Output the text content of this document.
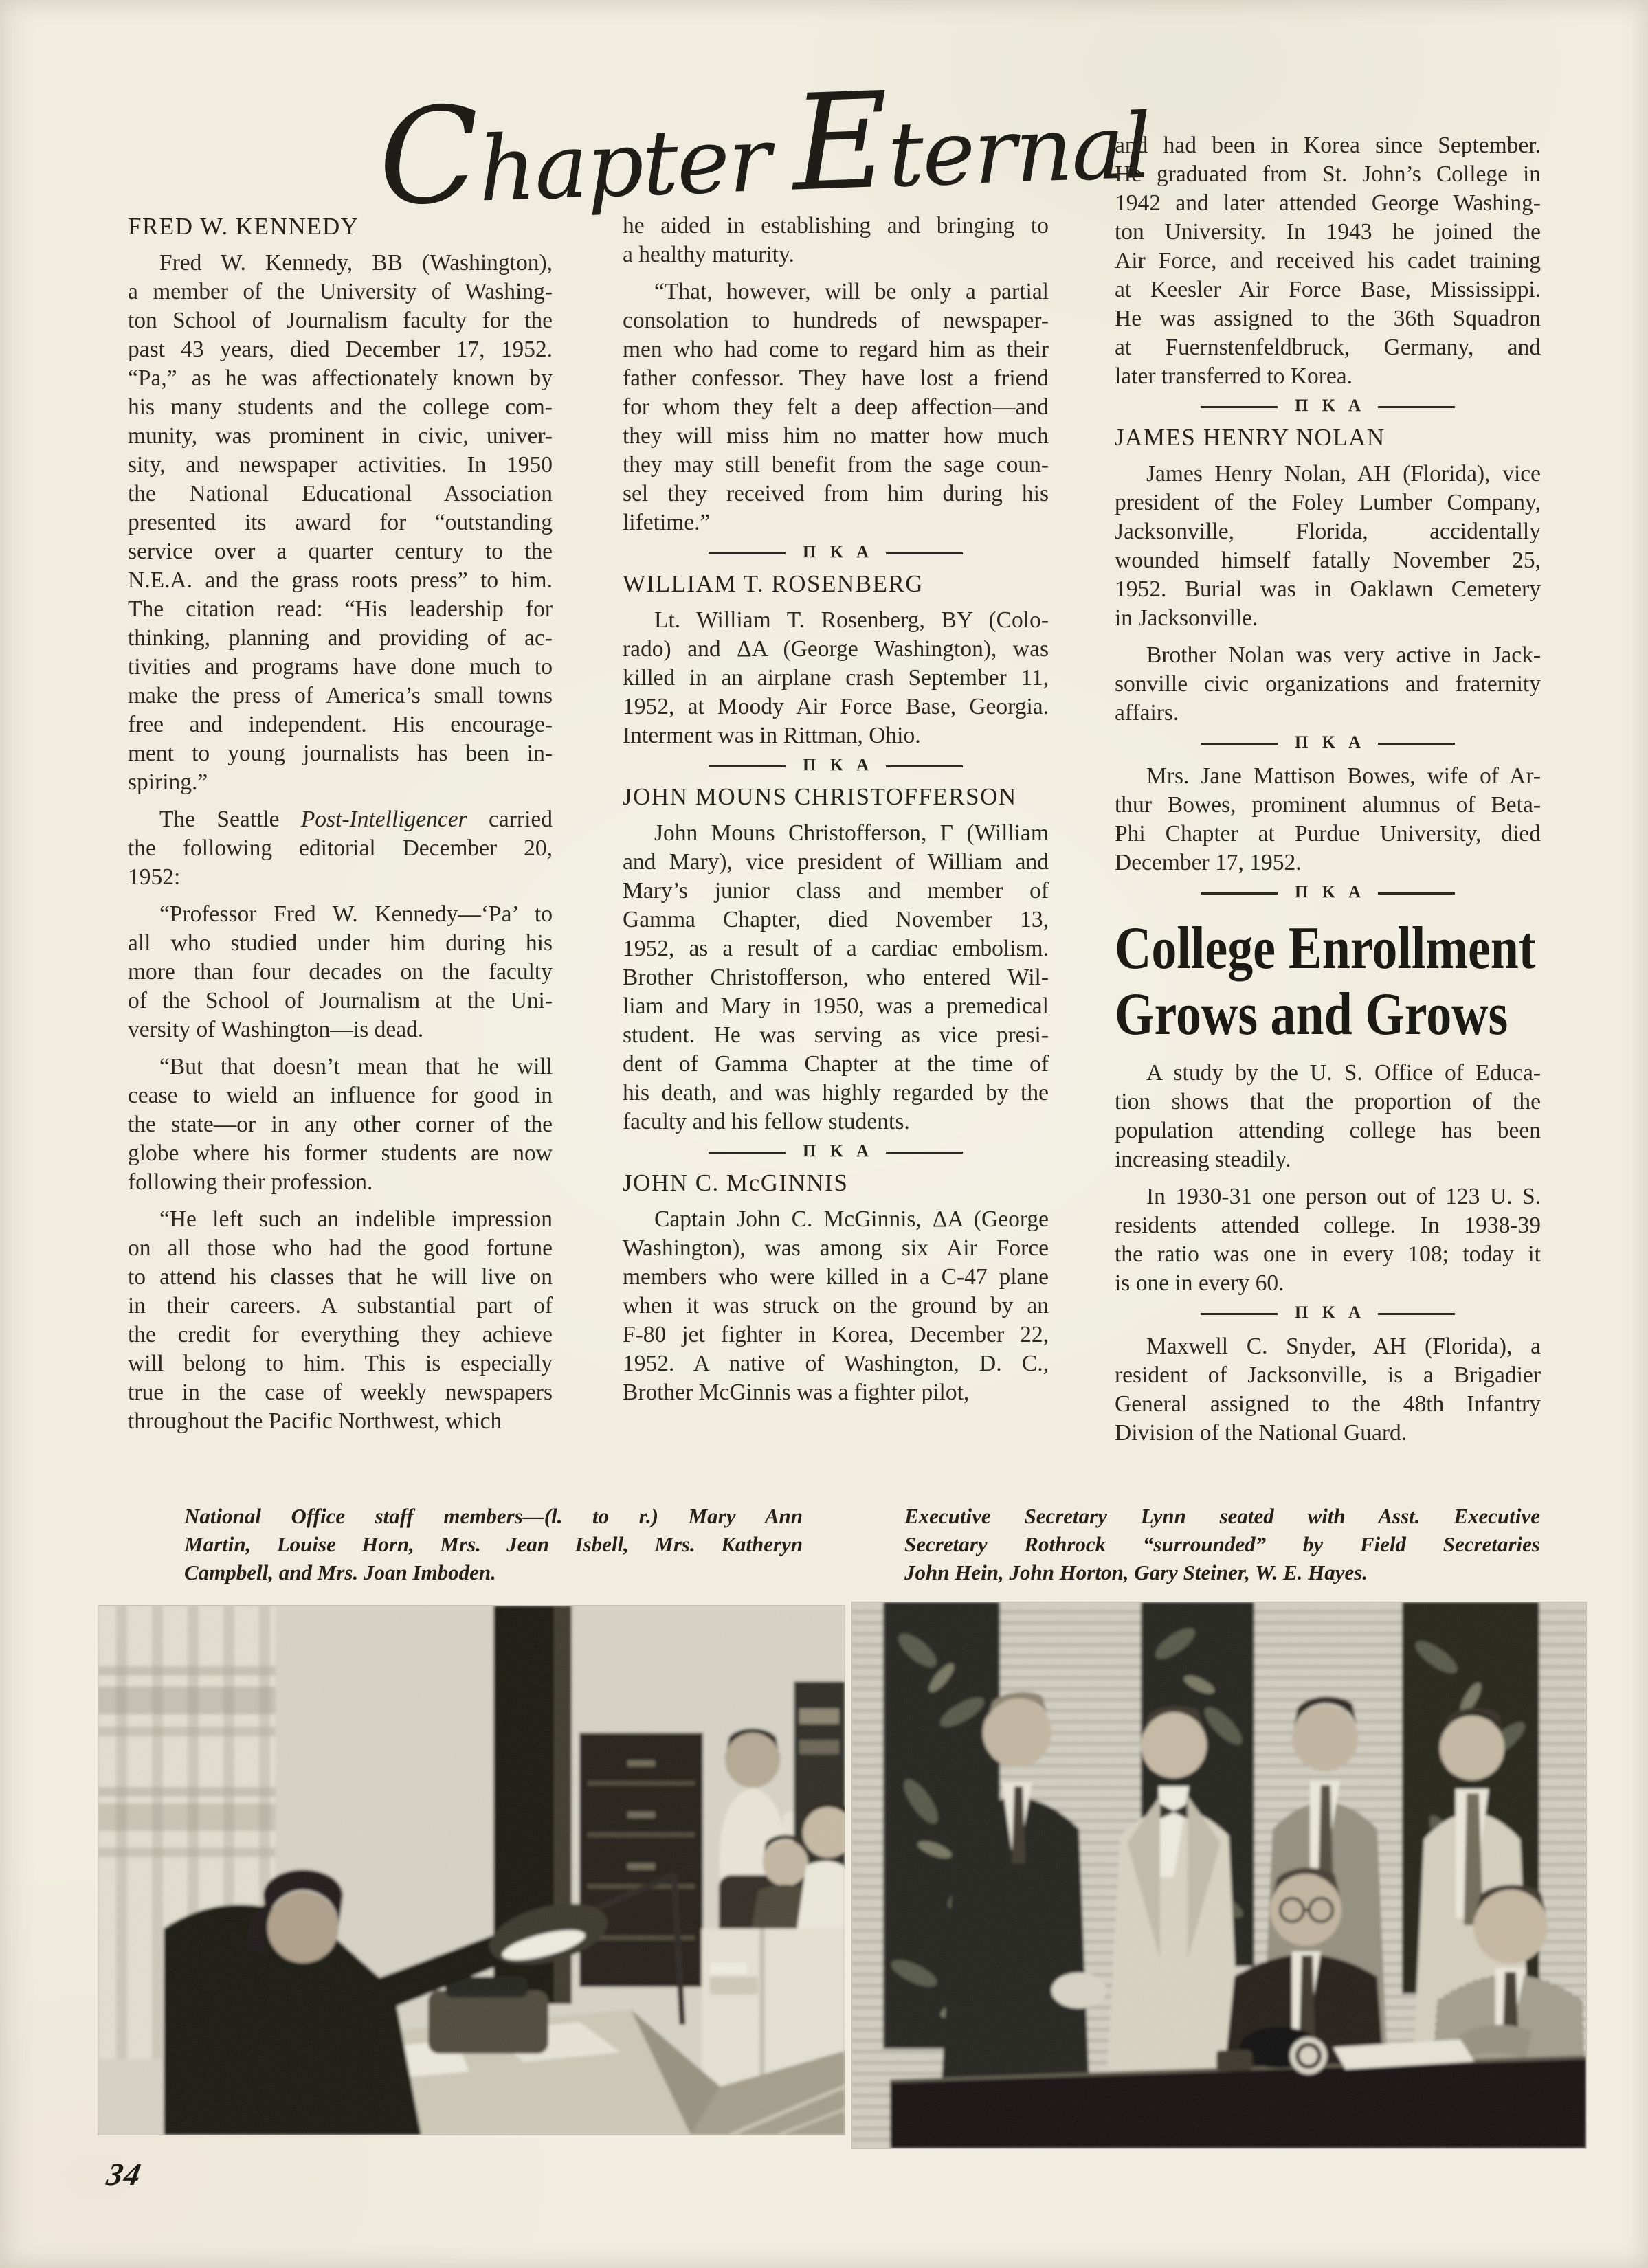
Chapter Eternal
FRED W. KENNEDY

Fred W. Kennedy, BB (Washington),
a member of the University of Washing-
ton School of Journalism faculty for the
past 43 years, died December 17, 1952.
“Pa,” as he was affectionately known by
his many students and the college com-
munity, was prominent in civic, univer-
sity, and newspaper activities. In 1950
the National Educational Association
presented its award for “outstanding
service over a quarter century to the
N.E.A. and the grass roots press” to him.
The citation read: “His leadership for
thinking, planning and providing of ac-
tivities and programs have done much to
make the press of America’s small towns
free and independent. His encourage-
ment to young journalists has been in-
spiring.”

The Seattle Post-Intelligencer carried
the following editorial December 20,
1952:

“Professor Fred W. Kennedy—‘Pa’ to
all who studied under him during his
more than four decades on the faculty
of the School of Journalism at the Uni-
versity of Washington—is dead.

“But that doesn’t mean that he will
cease to wield an influence for good in
the state—or in any other corner of the
globe where his former students are now
following their profession.

“He left such an indelible impression
on all those who had the good fortune
to attend his classes that he will live on
in their careers. A substantial part of
the credit for everything they achieve
will belong to him. This is especially
true in the case of weekly newspapers
throughout the Pacific Northwest, which

he aided in establishing and bringing to
a healthy maturity.

“That, however, will be only a partial
consolation to hundreds of newspaper-
men who had come to regard him as their
father confessor. They have lost a friend
for whom they felt a deep affection—and
they will miss him no matter how much
they may still benefit from the sage coun-
sel they received from him during his
lifetime.”

Π Κ Α
WILLIAM T. ROSENBERG

Lt. William T. Rosenberg, BΥ (Colo-
rado) and ΔA (George Washington), was
killed in an airplane crash September 11,
1952, at Moody Air Force Base, Georgia.
Interment was in Rittman, Ohio.

Π Κ Α
JOHN MOUNS CHRISTOFFERSON

John Mouns Christofferson, Γ (William
and Mary), vice president of William and
Mary’s junior class and member of
Gamma Chapter, died November 13,
1952, as a result of a cardiac embolism.
Brother Christofferson, who entered Wil-
liam and Mary in 1950, was a premedical
student. He was serving as vice presi-
dent of Gamma Chapter at the time of
his death, and was highly regarded by the
faculty and his fellow students.

Π Κ Α
JOHN C. McGINNIS

Captain John C. McGinnis, ΔA (George
Washington), was among six Air Force
members who were killed in a C-47 plane
when it was struck on the ground by an
F-80 jet fighter in Korea, December 22,
1952. A native of Washington, D. C.,
Brother McGinnis was a fighter pilot,

and had been in Korea since September.
He graduated from St. John’s College in
1942 and later attended George Washing-
ton University. In 1943 he joined the
Air Force, and received his cadet training
at Keesler Air Force Base, Mississippi.
He was assigned to the 36th Squadron
at Fuernstenfeldbruck, Germany, and
later transferred to Korea.

Π Κ Α
JAMES HENRY NOLAN

James Henry Nolan, AH (Florida), vice
president of the Foley Lumber Company,
Jacksonville, Florida, accidentally
wounded himself fatally November 25,
1952. Burial was in Oaklawn Cemetery
in Jacksonville.

Brother Nolan was very active in Jack-
sonville civic organizations and fraternity
affairs.

Π Κ Α

Mrs. Jane Mattison Bowes, wife of Ar-
thur Bowes, prominent alumnus of Beta-
Phi Chapter at Purdue University, died
December 17, 1952.

Π Κ Α
College Enrollment
Grows and Grows

A study by the U. S. Office of Educa-
tion shows that the proportion of the
population attending college has been
increasing steadily.

In 1930-31 one person out of 123 U. S.
residents attended college. In 1938-39
the ratio was one in every 108; today it
is one in every 60.

Π Κ Α

Maxwell C. Snyder, AH (Florida), a
resident of Jacksonville, is a Brigadier
General assigned to the 48th Infantry
Division of the National Guard.

National Office staff members—(l. to r.) Mary Ann
Martin, Louise Horn, Mrs. Jean Isbell, Mrs. Katheryn
Campbell, and Mrs. Joan Imboden.
Executive Secretary Lynn seated with Asst. Executive
Secretary Rothrock “surrounded” by Field Secretaries
John Hein, John Horton, Gary Steiner, W. E. Hayes.
34
